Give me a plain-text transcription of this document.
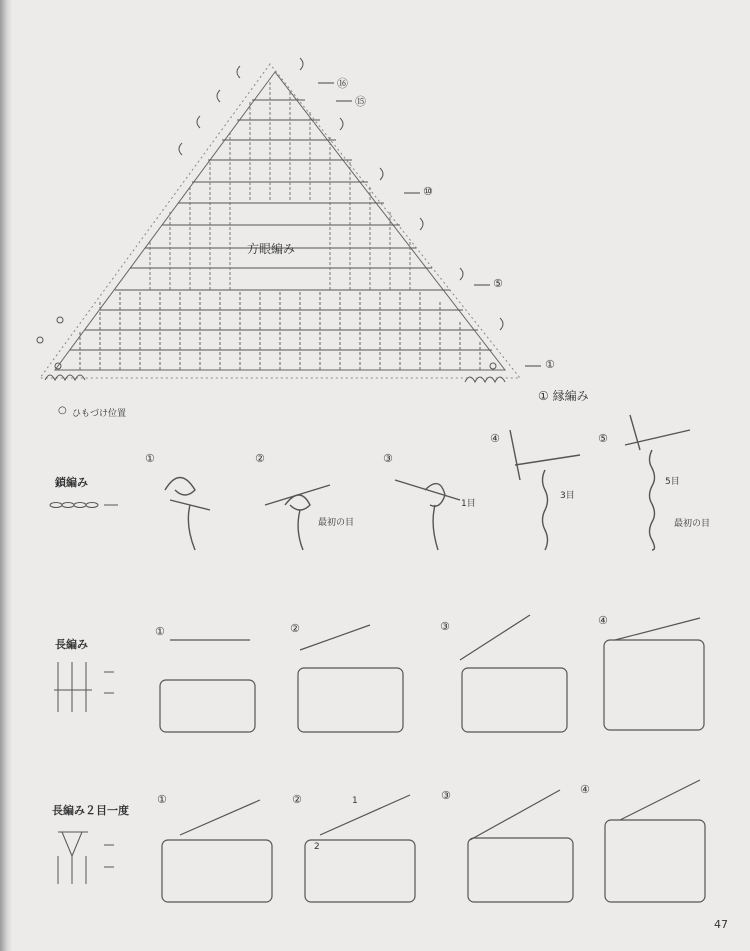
方眼編み
⑯
⑮
⑩
⑤
①
① 縁編み
○ ひもづけ位置
鎖編み
①	②	③
④	⑤
最初の目
1目
3目
5目
最初の目
長編み
①	②	③	④
長編み２目一度
①	②	③	④
1
2
47
